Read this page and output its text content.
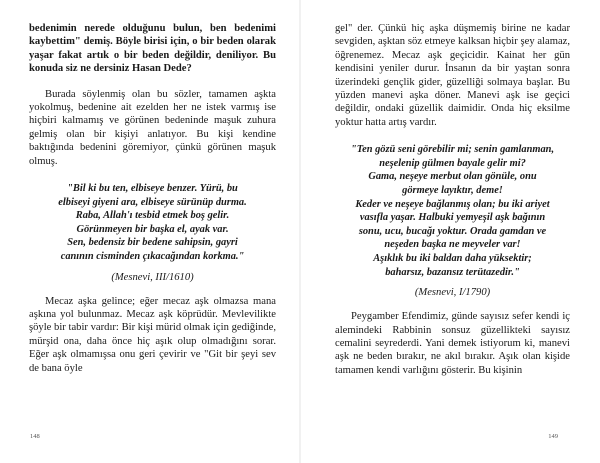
bedenimin nerede olduğunu bulun, ben bedenimi kaybettim" demiş. Böyle birisi için, o bir beden olarak yaşar fakat artık o bir beden değildir, deniliyor. Bu konuda siz ne dersiniz Hasan Dede?

Burada söylenmiş olan bu sözler, tamamen aşkta yokolmuş, bedenine ait ezelden her ne istek varmış ise hiçbiri kalmamış ve görünen bedeninde maşuk zuhura gelmiş olan bir kişiyi anlatıyor. Bu kişi kendine baktığında bedenini göremiyor, çünkü görünen maşuk olmuş.

"Bil ki bu ten, elbiseye benzer. Yürü, bu
elbiseyi giyeni ara, elbiseye sürünüp durma.
Raba, Allah'ı tesbid etmek boş gelir.
Görünmeyen bir başka el, ayak var.
Sen, bedensiz bir bedene sahipsin, gayri
canının cisminden çıkacağından korkma."
(Mesnevi, III/1610)

Mecaz aşka gelince; eğer mecaz aşk olmazsa mana aşkına yol bulunmaz. Mecaz aşk köprüdür. Mevlevilikte şöyle bir tabir vardır: Bir kişi mürid olmak için gediğinde, mürşid ona, daha önce hiç aşık olup olmadığını sorar. Eğer aşk olmamışsa onu geri çevirir ve "Git bir şeyi sev de bana öyle

148

gel" der. Çünkü hiç aşka düşmemiş birine ne kadar sevgiden, aşktan söz etmeye kalksan hiçbir şey alamaz, öğrenemez. Mecaz aşk geçicidir. Kainat her gün kendisini yeniler durur. İnsanın da bir yaştan sonra üzerindeki gençlik gider, güzelliği solmaya başlar. Bu yüzden manevi aşka döner. Manevi aşk ise geçici değildir, ondaki güzellik daimidir. Onda hiç eksilme yoktur hatta artış vardır.

"Ten gözü seni görebilir mi; senin gamlanman,
neşelenip gülmen bayale gelir mi?
Gama, neşeye merbut olan gönüle, onu
görmeye layıktır, deme!
Keder ve neşeye bağlanmış olan; bu iki ariyet
vasıfla yaşar. Halbuki yemyeşil aşk bağının
sonu, ucu, bucağı yoktur. Orada gamdan ve
neşeden başka ne meyveler var!
Aşıklık bu iki baldan daha yüksektir;
baharsız, bazansız terütazedir."
(Mesnevi, I/1790)

Peygamber Efendimiz, günde sayısız sefer kendi iç alemindeki Rabbinin sonsuz güzellikteki sayısız cemalini seyrederdi. Yani demek istiyorum ki, manevi aşk ne beden bırakır, ne akıl bırakır. Aşık olan kişide tamamen kendi varlığını gösterir. Bu kişinin

149
